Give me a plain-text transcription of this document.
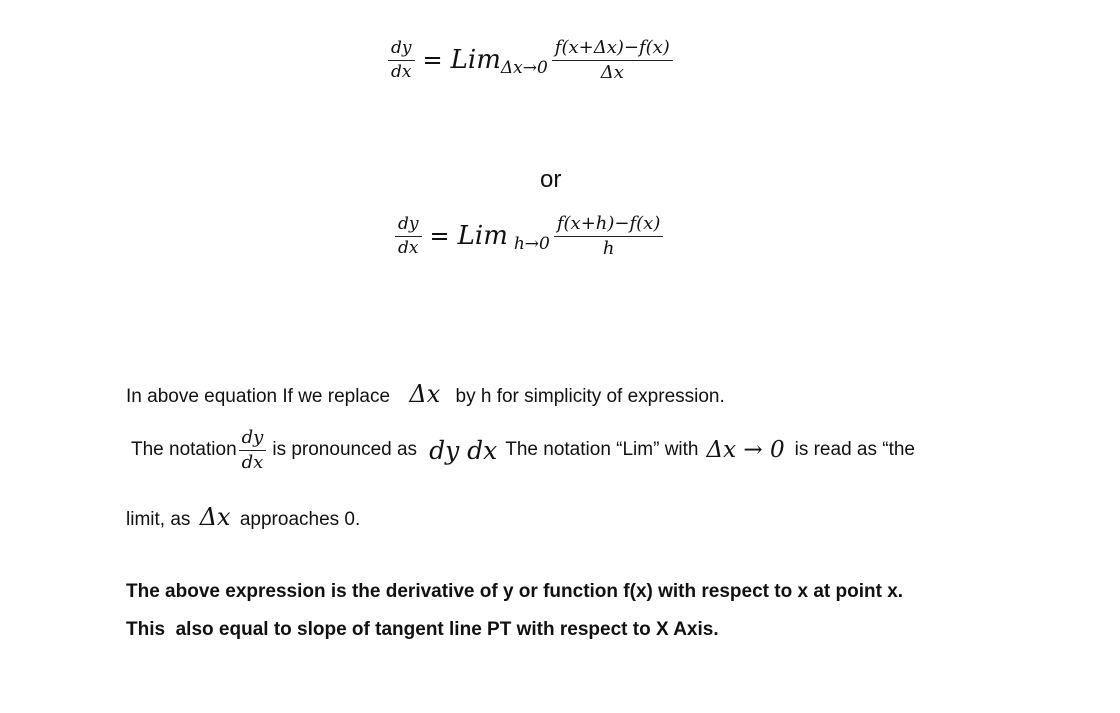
$\frac{dy}{dx}$ = Lim $\Delta x\to 0 \frac{f(x+\Delta x)-f(x)}{\Delta x}$
or
$\frac{dy}{dx}$ = Lim $h\to 0 \frac{f(x+h)-f(x)}{h}$
In above equation If we replace Δx by h for simplicity of expression.
The notation $\frac{dy}{dx}$ is pronounced as dy dx The notation “Lim” with Δx → 0 is read as “the
limit, as Δx approaches 0.
The above expression is the derivative of y or function f(x) with respect to x at point x.
This  also equal to slope of tangent line PT with respect to X Axis.
